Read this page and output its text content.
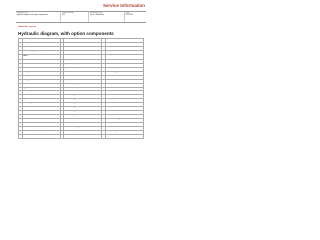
Service Information
Document Title:
Hydraulic diagram, with option components
Function Group:
900
Information Type:
Service Information
Date:
8/22/2021
Hydraulic system
Hydraulic diagram, with option components
1	Boom cylinder	26	Selector valve	51	Dozer blade cylinder
2	Arm cylinder	27	Rotator valve	52	Straight travel valve
3	Bucket cylinder	28	Drain filter	53	Pump
4	Boom swing cylinder	29	Hammer valve	54	Joystick
5	Hydraulic oil cooler and pressure relief valve	30	Accumulator	55	Straight travel solenoid valve
6	Filter	31	Hose rupture valve	56	Control valve
7	Main control valve	32	Quick coupler cylinder	57	Servo control valve
8	Travel motor	33	Quick coupler valve	58	Slewing unit
9	Swing motor	34	Check valve	59	Boom swing pedal
10	Drain valve	35	Solenoid valve	60	Pressure switch
11	Rotary joint	36	Hydraulic tank	61	Pilot accumulator
12	Return filter	37	Oil level sight glass	62	Servo pressure solenoid
13	Bypass valve	38	Breather filter	63	Rotator solenoid valve
14	Gear pump	39	Suction strainer	64	Float function valve
15	Pilot filter	40	Orifice - 1 type	65	Shuttle valve
16	Hydraulic oil cooler	41	Orifice - 2 type	66	Travel speed solenoid valve
17	Cooler bypass valve	42	Orifice - 3 type	67	Hammer pedal
18	Servo valve	43	Orifice - 4 type	68	Manifold
19	Shockless valve	44	Orifice - 5 type	69	Attachment valve
20	Pressure switch	45	Orifice - 6 type	70	Relief valve
21	Pilot shut off valve	46	Pressure sensor	71	Pressure limiting valve
22	Solenoid valve for servo	47	Oil temperature sensor	72	Flow control valve
23	Solenoid valve for hammer	48	Pressure test nipple	73	Proportional solenoid valve
24	Solenoid valve for quick coupler	49	Load holding valve	74	Boom swing solenoid valve
25	Solenoid valve for rotator	50	Dozer blade valve	75	Safety valve
